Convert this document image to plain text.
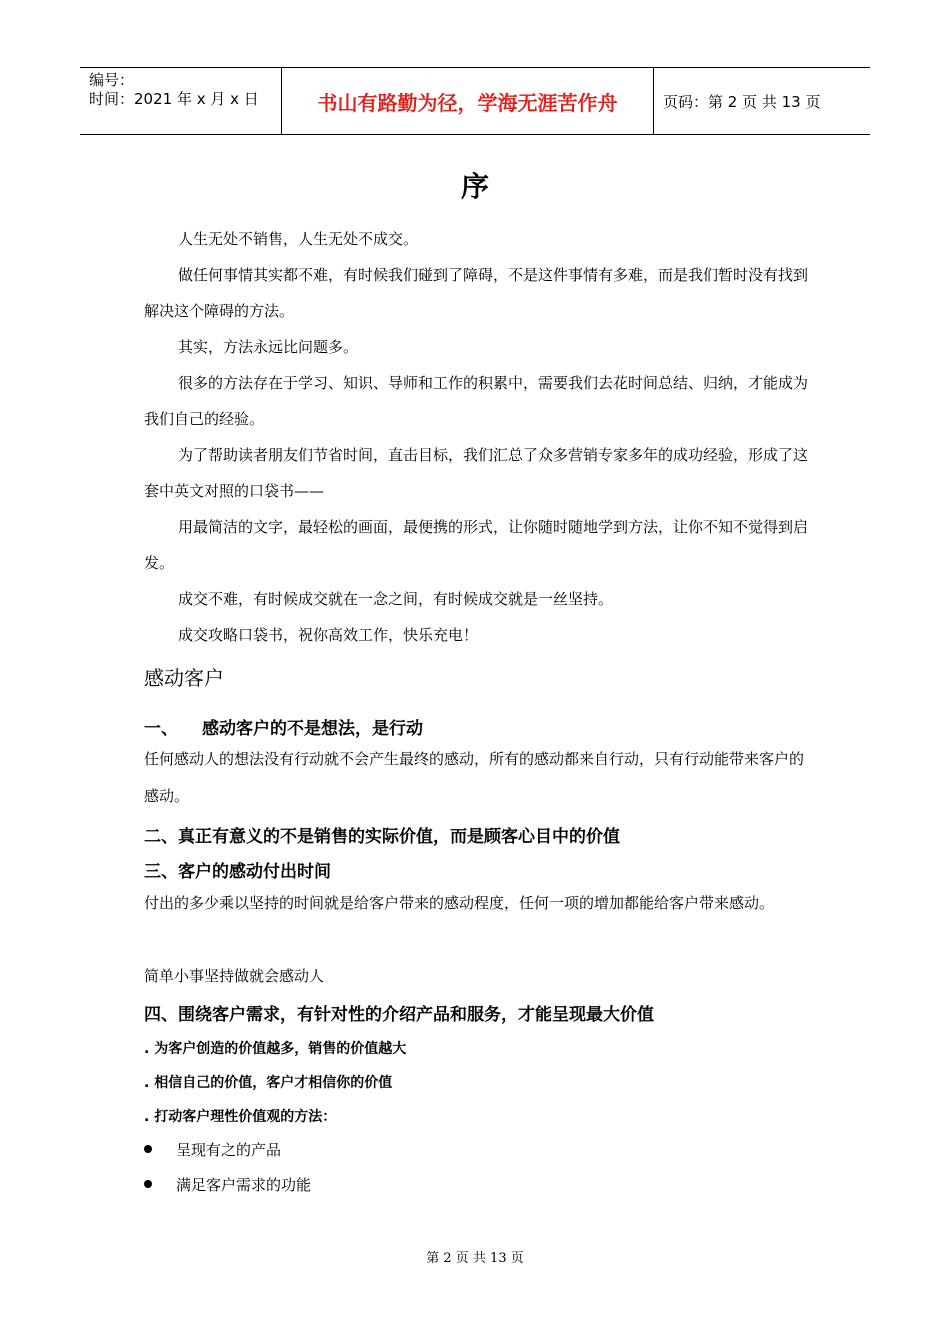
编号：
时间：2021 年 x 月 x 日	书山有路勤为径，学海无涯苦作舟	页码：第 2 页 共 13 页
序

人生无处不销售，人生无处不成交。

做任何事情其实都不难，有时候我们碰到了障碍，不是这件事情有多难，而是我们暂时没有找到解决这个障碍的方法。

其实，方法永远比问题多。

很多的方法存在于学习、知识、导师和工作的积累中，需要我们去花时间总结、归纳，才能成为我们自己的经验。

为了帮助读者朋友们节省时间，直击目标，我们汇总了众多营销专家多年的成功经验，形成了这套中英文对照的口袋书——

用最简洁的文字，最轻松的画面，最便携的形式，让你随时随地学到方法，让你不知不觉得到启发。

成交不难，有时候成交就在一念之间，有时候成交就是一丝坚持。

成交攻略口袋书，祝你高效工作，快乐充电！

感动客户
一、 感动客户的不是想法，是行动
任何感动人的想法没有行动就不会产生最终的感动，所有的感动都来自行动，只有行动能带来客户的感动。
二、真正有意义的不是销售的实际价值，而是顾客心目中的价值
三、客户的感动付出时间
付出的多少乘以坚持的时间就是给客户带来的感动程度，任何一项的增加都能给客户带来感动。
简单小事坚持做就会感动人
四、围绕客户需求，有针对性的介绍产品和服务，才能呈现最大价值
. 为客户创造的价值越多，销售的价值越大
. 相信自己的价值，客户才相信你的价值
. 打动客户理性价值观的方法：
呈现有之的产品
满足客户需求的功能
第 2 页 共 13 页
